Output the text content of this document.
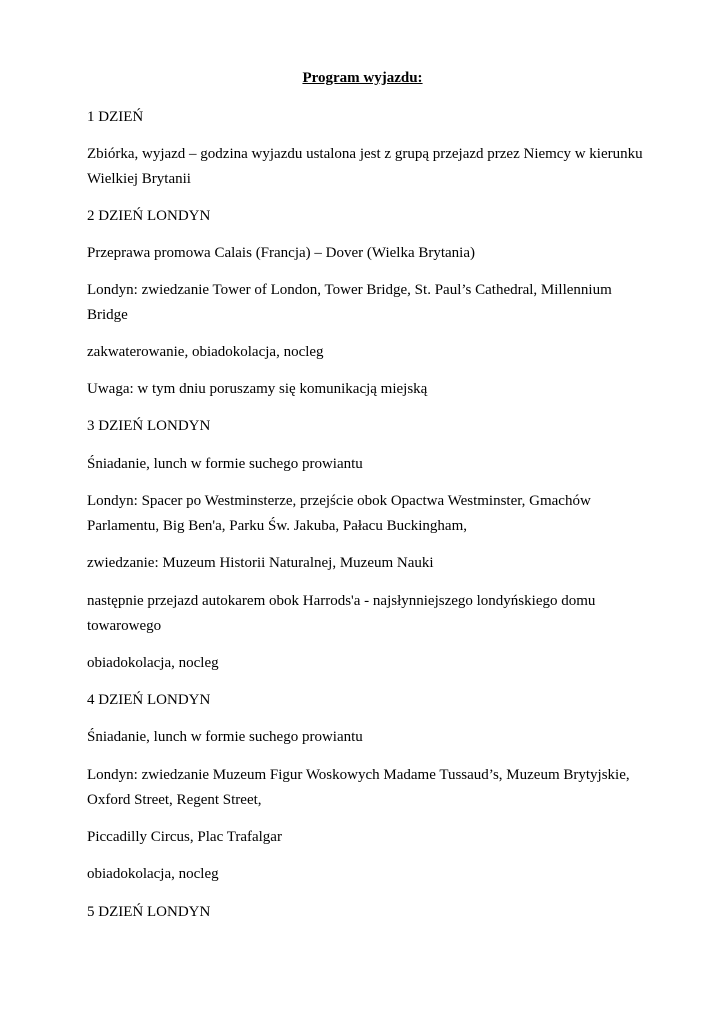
Program wyjazdu:
1 DZIEŃ
Zbiórka, wyjazd – godzina wyjazdu ustalona jest z grupą przejazd przez Niemcy w kierunku
Wielkiej Brytanii
2 DZIEŃ LONDYN
Przeprawa promowa Calais (Francja) – Dover (Wielka Brytania)
Londyn: zwiedzanie Tower of London, Tower Bridge, St. Paul’s Cathedral, Millennium
Bridge
zakwaterowanie, obiadokolacja, nocleg
Uwaga: w tym dniu poruszamy się komunikacją miejską
3 DZIEŃ LONDYN
Śniadanie, lunch w formie suchego prowiantu
Londyn: Spacer po Westminsterze, przejście obok Opactwa Westminster, Gmachów
Parlamentu, Big Ben'a, Parku Św. Jakuba, Pałacu Buckingham,
zwiedzanie: Muzeum Historii Naturalnej, Muzeum Nauki
następnie przejazd autokarem obok Harrods'a - najsłynniejszego londyńskiego domu
towarowego
obiadokolacja, nocleg
4 DZIEŃ LONDYN
Śniadanie, lunch w formie suchego prowiantu
Londyn: zwiedzanie Muzeum Figur Woskowych Madame Tussaud’s, Muzeum Brytyjskie,
Oxford Street, Regent Street,
Piccadilly Circus, Plac Trafalgar
obiadokolacja, nocleg
5 DZIEŃ LONDYN
